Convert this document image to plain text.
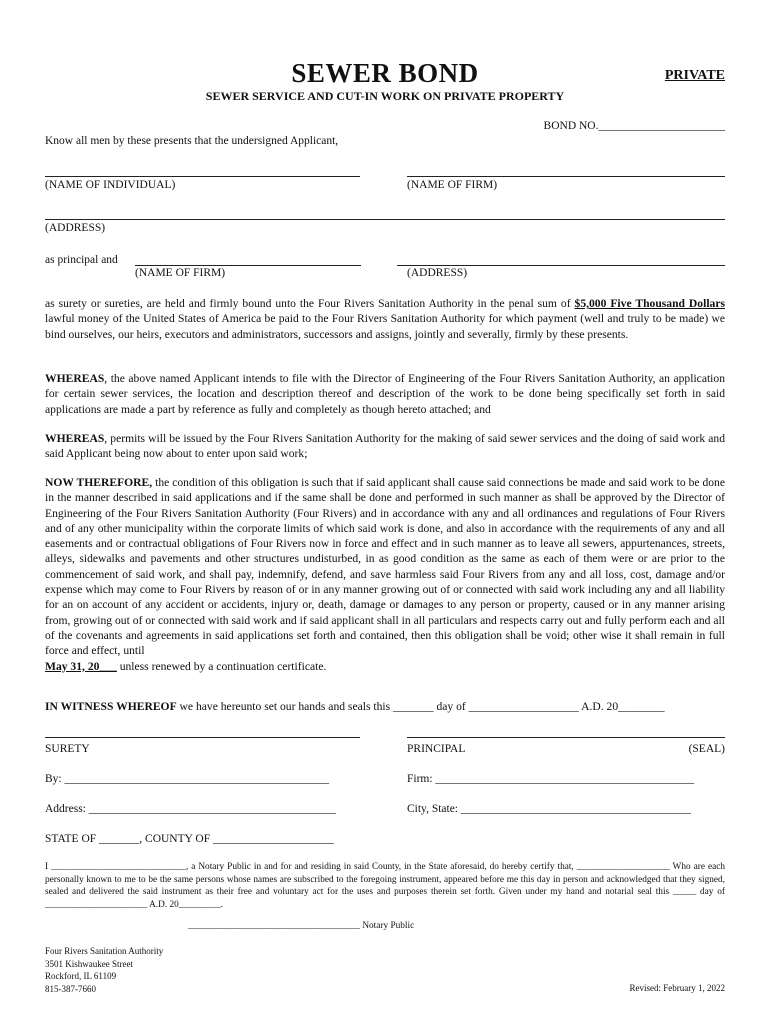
SEWER BOND	PRIVATE
SEWER SERVICE AND CUT-IN WORK ON PRIVATE PROPERTY
BOND NO.______________________
Know all men by these presents that the undersigned Applicant,
(NAME OF INDIVIDUAL)	(NAME OF FIRM)
(ADDRESS)
as principal and
(NAME OF FIRM)	(ADDRESS)
as surety or sureties, are held and firmly bound unto the Four Rivers Sanitation Authority in the penal sum of $5,000 Five Thousand Dollars lawful money of the United States of America be paid to the Four Rivers Sanitation Authority for which payment (well and truly to be made) we bind ourselves, our heirs, executors and administrators, successors and assigns, jointly and severally, firmly by these presents.
WHEREAS, the above named Applicant intends to file with the Director of Engineering of the Four Rivers Sanitation Authority, an application for certain sewer services, the location and description thereof and description of the work to be done being specifically set forth in said applications are made a part by reference as fully and completely as though hereto attached; and
WHEREAS, permits will be issued by the Four Rivers Sanitation Authority for the making of said sewer services and the doing of said work and said Applicant being now about to enter upon said work;
NOW THEREFORE, the condition of this obligation is such that if said applicant shall cause said connections be made and said work to be done in the manner described in said applications and if the same shall be done and performed in such manner as shall be approved by the Director of Engineering of the Four Rivers Sanitation Authority (Four Rivers) and in accordance with any and all ordinances and regulations of Four Rivers and of any other municipality within the corporate limits of which said work is done, and also in accordance with the requirements of any and all easements and or contractual obligations of Four Rivers now in force and effect and in such manner as to leave all sewers, appurtenances, streets, alleys, sidewalks and pavements and other structures undisturbed, in as good condition as the same as each of them were or are prior to the commencement of said work, and shall pay, indemnify, defend, and save harmless said Four Rivers from any and all loss, cost, damage and/or expense which may come to Four Rivers by reason of or in any manner growing out of or connected with said work including any and all liability for an on account of any accident or accidents, injury or, death, damage or damages to any person or property, caused or in any manner arising from, growing out of or connected with said work and if said applicant shall in all particulars and respects carry out and fully perform each and all of the covenants and agreements in said applications set forth and contained, then this obligation shall be void; other wise it shall remain in full force and effect, until
May 31, 20___ unless renewed by a continuation certificate.
IN WITNESS WHEREOF we have hereunto set our hands and seals this _______ day of ___________________ A.D. 20________
SURETY	PRINCIPAL	(SEAL)
By: ______________________________________________	Firm: _____________________________________________
Address: ___________________________________________	City, State: ________________________________________
STATE OF _______, COUNTY OF _____________________
I _____________________________, a Notary Public in and for and residing in said County, in the State aforesaid, do hereby certify that, ____________________ Who are each personally known to me to be the same persons whose names are subscribed to the foregoing instrument, appeared before me this day in person and acknowledged that they signed, sealed and delivered the said instrument as their free and voluntary act for the uses and purposes therein set forth. Given under my hand and notarial seal this _____ day of ______________________ A.D. 20_________.
_____________________________________ Notary Public
Four Rivers Sanitation Authority
3501 Kishwaukee Street
Rockford, IL 61109
815-387-7660	Revised: February 1, 2022
